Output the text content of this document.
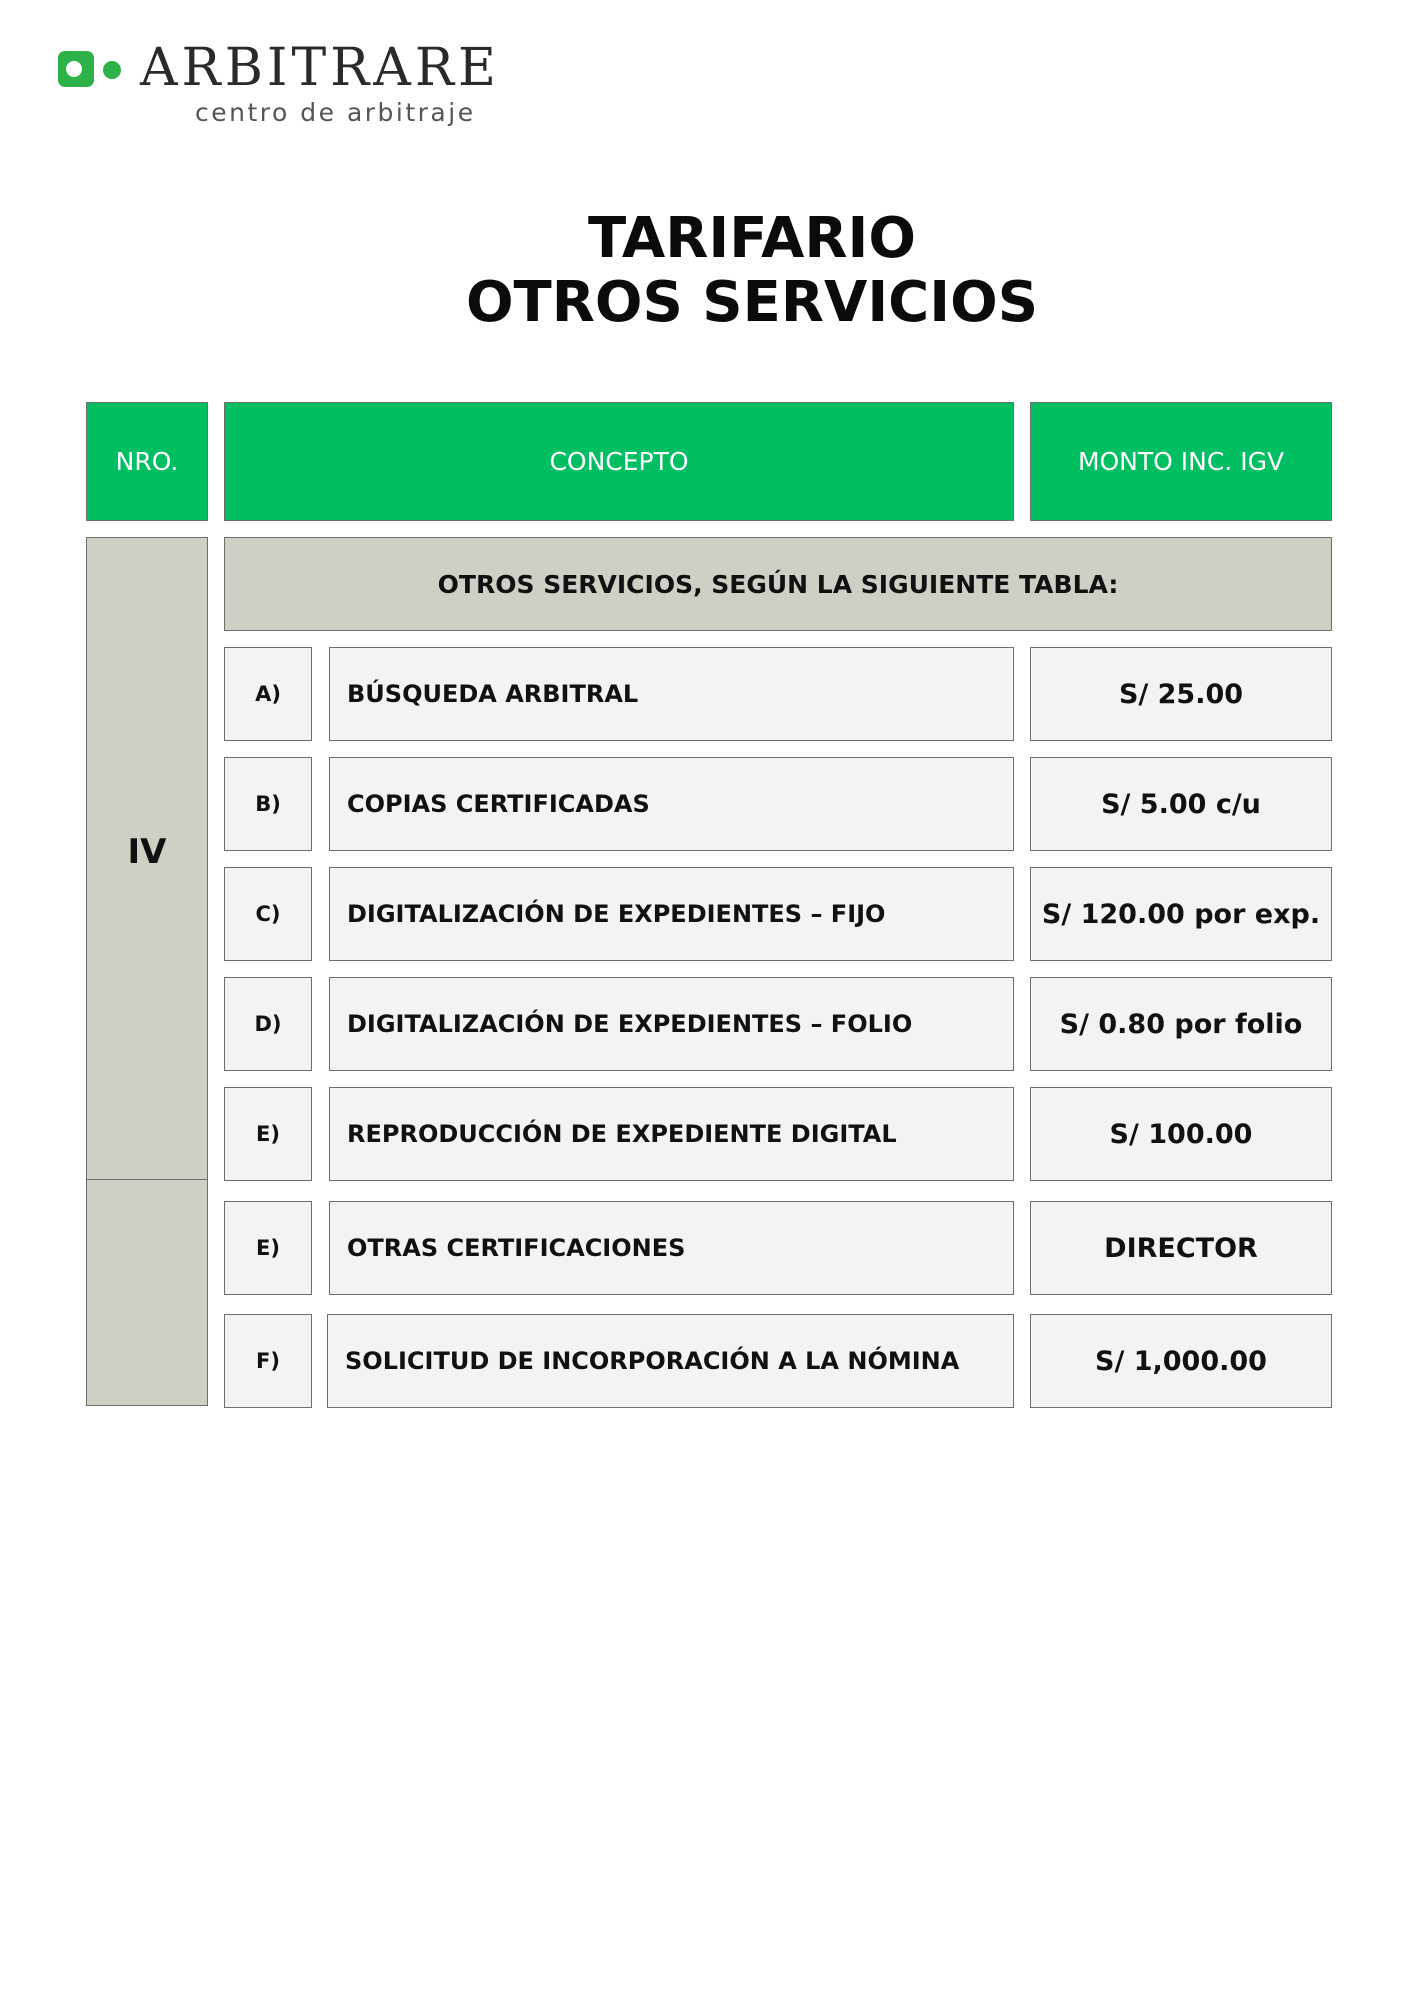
ARBITRARE
centro de arbitraje
TARIFARIO
OTROS SERVICIOS
NRO.	CONCEPTO	MONTO INC. IGV
IV
OTROS SERVICIOS, SEGÚN LA SIGUIENTE TABLA:
A)	BÚSQUEDA ARBITRAL	S/ 25.00
B)	COPIAS CERTIFICADAS	S/ 5.00 c/u
C)	DIGITALIZACIÓN DE EXPEDIENTES – FIJO	S/ 120.00 por exp.
D)	DIGITALIZACIÓN DE EXPEDIENTES – FOLIO	S/ 0.80 por folio
E)	REPRODUCCIÓN DE EXPEDIENTE DIGITAL	S/ 100.00
E)	OTRAS CERTIFICACIONES	DIRECTOR
F)	SOLICITUD DE INCORPORACIÓN A LA NÓMINA	S/ 1,000.00
